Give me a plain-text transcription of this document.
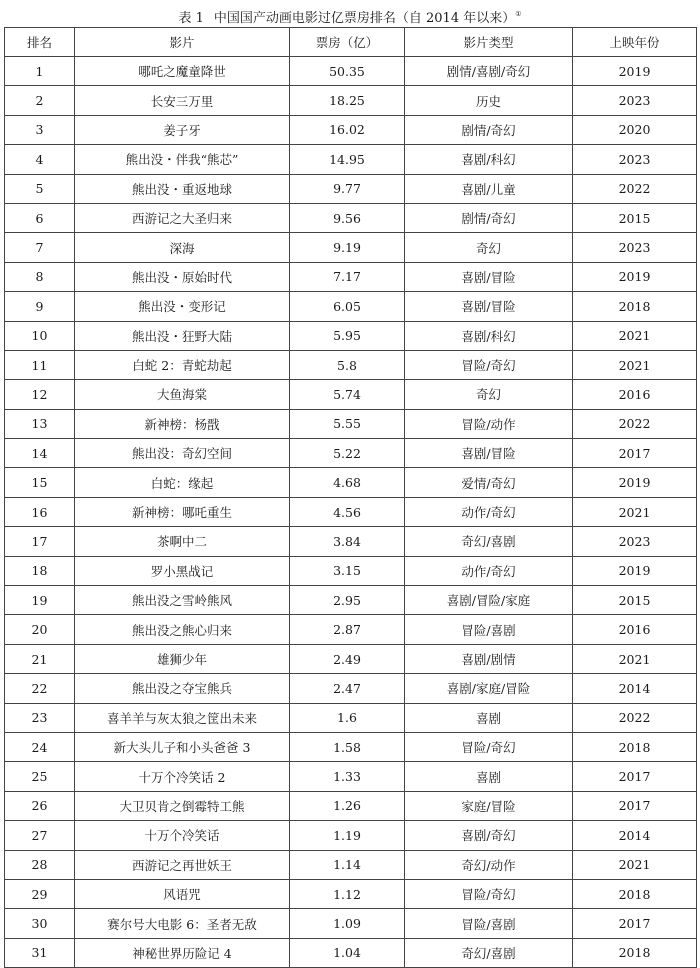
表 1 中国国产动画电影过亿票房排名（自 2014 年以来）①
排名	影片	票房（亿）	影片类型	上映年份
1	哪吒之魔童降世	50.35	剧情/喜剧/奇幻	2019
2	长安三万里	18.25	历史	2023
3	姜子牙	16.02	剧情/奇幻	2020
4	熊出没・伴我“熊芯”	14.95	喜剧/科幻	2023
5	熊出没・重返地球	9.77	喜剧/儿童	2022
6	西游记之大圣归来	9.56	剧情/奇幻	2015
7	深海	9.19	奇幻	2023
8	熊出没・原始时代	7.17	喜剧/冒险	2019
9	熊出没・变形记	6.05	喜剧/冒险	2018
10	熊出没・狂野大陆	5.95	喜剧/科幻	2021
11	白蛇 2：青蛇劫起	5.8	冒险/奇幻	2021
12	大鱼海棠	5.74	奇幻	2016
13	新神榜：杨戬	5.55	冒险/动作	2022
14	熊出没：奇幻空间	5.22	喜剧/冒险	2017
15	白蛇：缘起	4.68	爱情/奇幻	2019
16	新神榜：哪吒重生	4.56	动作/奇幻	2021
17	茶啊中二	3.84	奇幻/喜剧	2023
18	罗小黑战记	3.15	动作/奇幻	2019
19	熊出没之雪岭熊风	2.95	喜剧/冒险/家庭	2015
20	熊出没之熊心归来	2.87	冒险/喜剧	2016
21	雄狮少年	2.49	喜剧/剧情	2021
22	熊出没之夺宝熊兵	2.47	喜剧/家庭/冒险	2014
23	喜羊羊与灰太狼之筐出未来	1.6	喜剧	2022
24	新大头儿子和小头爸爸 3	1.58	冒险/奇幻	2018
25	十万个冷笑话 2	1.33	喜剧	2017
26	大卫贝肯之倒霉特工熊	1.26	家庭/冒险	2017
27	十万个冷笑话	1.19	喜剧/奇幻	2014
28	西游记之再世妖王	1.14	奇幻/动作	2021
29	风语咒	1.12	冒险/奇幻	2018
30	赛尔号大电影 6：圣者无敌	1.09	冒险/喜剧	2017
31	神秘世界历险记 4	1.04	奇幻/喜剧	2018
